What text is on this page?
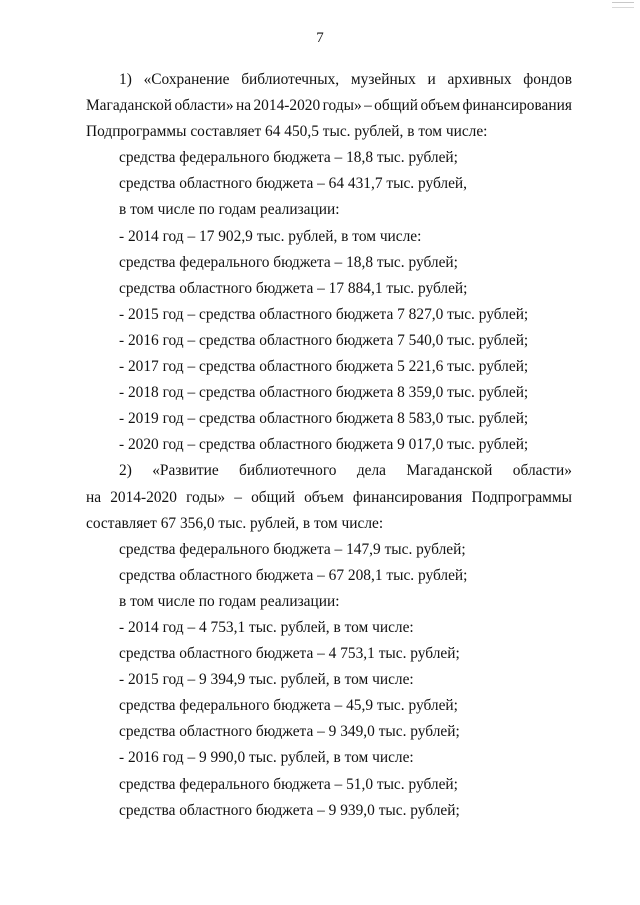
7
1) «Сохранение библиотечных, музейных и архивных фондов
Магаданской области» на 2014-2020 годы» – общий объем финансирования
Подпрограммы составляет 64 450,5 тыс. рублей, в том числе:
средства федерального бюджета – 18,8 тыс. рублей;
средства областного бюджета – 64 431,7 тыс. рублей,
в том числе по годам реализации:
- 2014 год – 17 902,9 тыс. рублей, в том числе:
средства федерального бюджета – 18,8 тыс. рублей;
средства областного бюджета – 17 884,1 тыс. рублей;
- 2015 год – средства областного бюджета 7 827,0 тыс. рублей;
- 2016 год – средства областного бюджета 7 540,0 тыс. рублей;
- 2017 год – средства областного бюджета 5 221,6 тыс. рублей;
- 2018 год – средства областного бюджета 8 359,0 тыс. рублей;
- 2019 год – средства областного бюджета 8 583,0 тыс. рублей;
- 2020 год – средства областного бюджета 9 017,0 тыс. рублей;
2) «Развитие библиотечного дела Магаданской области»
на 2014-2020 годы» – общий объем финансирования Подпрограммы
составляет 67 356,0 тыс. рублей, в том числе:
средства федерального бюджета – 147,9 тыс. рублей;
средства областного бюджета – 67 208,1 тыс. рублей;
в том числе по годам реализации:
- 2014 год – 4 753,1 тыс. рублей, в том числе:
средства областного бюджета – 4 753,1 тыс. рублей;
- 2015 год – 9 394,9 тыс. рублей, в том числе:
средства федерального бюджета – 45,9 тыс. рублей;
средства областного бюджета – 9 349,0 тыс. рублей;
- 2016 год – 9 990,0 тыс. рублей, в том числе:
средства федерального бюджета – 51,0 тыс. рублей;
средства областного бюджета – 9 939,0 тыс. рублей;
